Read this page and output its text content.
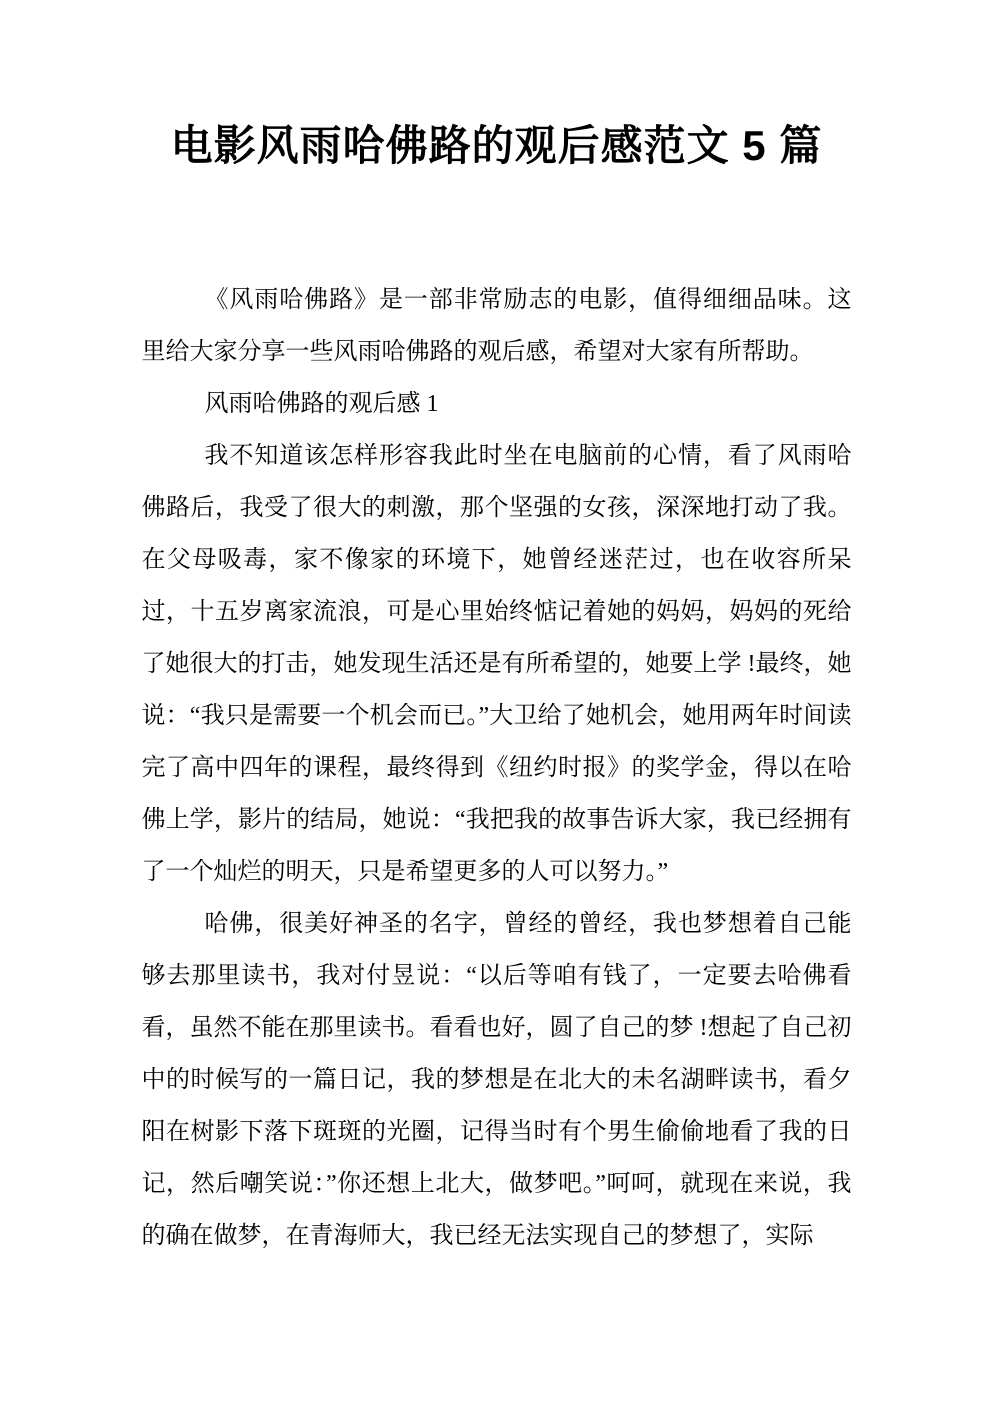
电影风雨哈佛路的观后感范文 5 篇

《风雨哈佛路》是一部非常励志的电影，值得细细品味。这里给大家分享一些风雨哈佛路的观后感，希望对大家有所帮助。

风雨哈佛路的观后感 1

我不知道该怎样形容我此时坐在电脑前的心情，看了风雨哈佛路后，我受了很大的刺激，那个坚强的女孩，深深地打动了我。在父母吸毒，家不像家的环境下，她曾经迷茫过，也在收容所呆过，十五岁离家流浪，可是心里始终惦记着她的妈妈，妈妈的死给了她很大的打击，她发现生活还是有所希望的，她要上学 !最终，她说：“我只是需要一个机会而已。”大卫给了她机会，她用两年时间读完了高中四年的课程，最终得到《纽约时报》的奖学金，得以在哈佛上学，影片的结局，她说：“我把我的故事告诉大家，我已经拥有了一个灿烂的明天，只是希望更多的人可以努力。”

哈佛，很美好神圣的名字，曾经的曾经，我也梦想着自己能够去那里读书，我对付昱说：“以后等咱有钱了，一定要去哈佛看看，虽然不能在那里读书。看看也好，圆了自己的梦 !想起了自己初中的时候写的一篇日记，我的梦想是在北大的未名湖畔读书，看夕阳在树影下落下斑斑的光圈，记得当时有个男生偷偷地看了我的日记，然后嘲笑说：”你还想上北大，做梦吧。”呵呵，就现在来说，我的确在做梦，在青海师大，我已经无法实现自己的梦想了，实际
